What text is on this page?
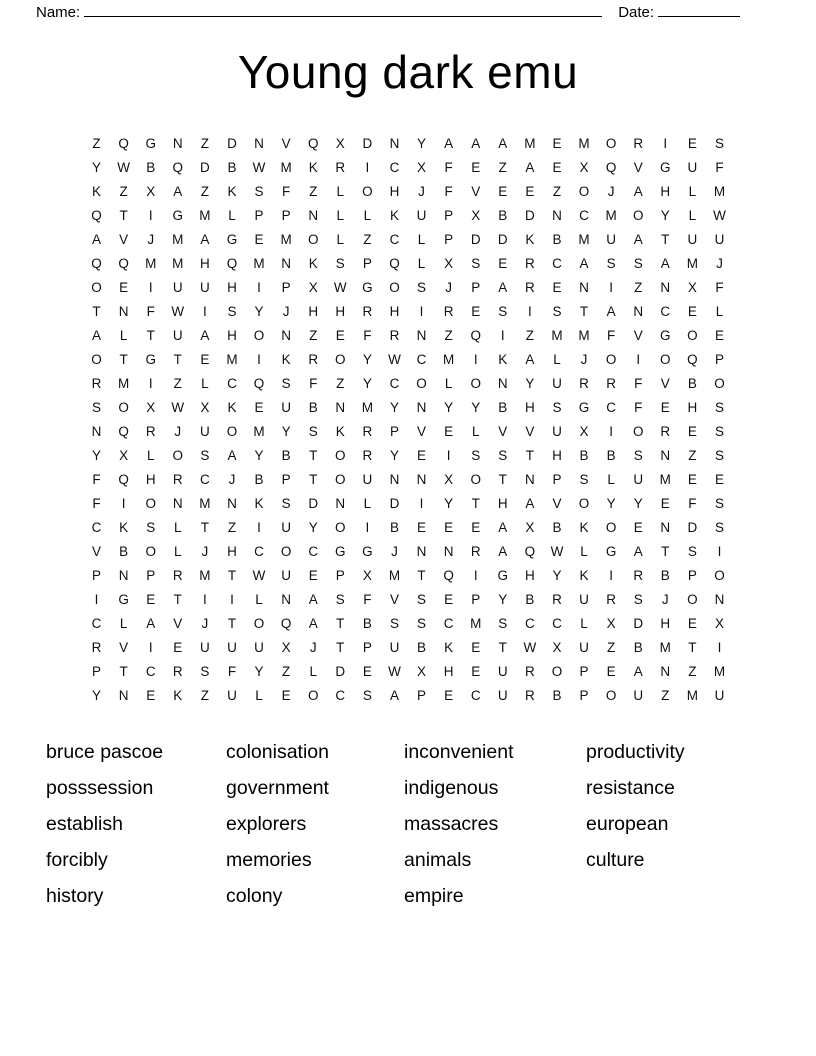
Name:	Date:
Young dark emu
Z Q G N Z D N V Q X D N Y A A A M E M O R I E S
Y W B Q D B W M K R I C X F E Z A E X Q V G U F
K Z X A Z K S F Z L O H J F V E E Z O J A H L M
Q T I G M L P P N L L K U P X B D N C M O Y L W
A V J M A G E M O L Z C L P D D K B M U A T U U
Q Q M M H Q M N K S P Q L X S E R C A S S A M J
O E I U U H I P X W G O S J P A R E N I Z N X F
T N F W I S Y J H H R H I R E S I S T A N C E L
A L T U A H O N Z E F R N Z Q I Z M M F V G O E
O T G T E M I K R O Y W C M I K A L J O I O Q P
R M I Z L C Q S F Z Y C O L O N Y U R R F V B O
S O X W X K E U B N M Y N Y Y B H S G C F E H S
N Q R J U O M Y S K R P V E L V V U X I O R E S
Y X L O S A Y B T O R Y E I S S T H B B S N Z S
F Q H R C J B P T O U N N X O T N P S L U M E E
F I O N M N K S D N L D I Y T H A V O Y Y E F S
C K S L T Z I U Y O I B E E E A X B K O E N D S
V B O L J H C O C G G J N N R A Q W L G A T S I
P N P R M T W U E P X M T Q I G H Y K I R B P O
I G E T I I L N A S F V S E P Y B R U R S J O N
C L A V J T O Q A T B S S C M S C C L X D H E X
R V I E U U U X J T P U B K E T W X U Z B M T I
P T C R S F Y Z L D E W X H E U R O P E A N Z M
Y N E K Z U L E O C S A P E C U R B P O U Z M U
bruce pascoe
posssession
establish
forcibly
history
colonisation
government
explorers
memories
colony
inconvenient
indigenous
massacres
animals
empire
productivity
resistance
european
culture
